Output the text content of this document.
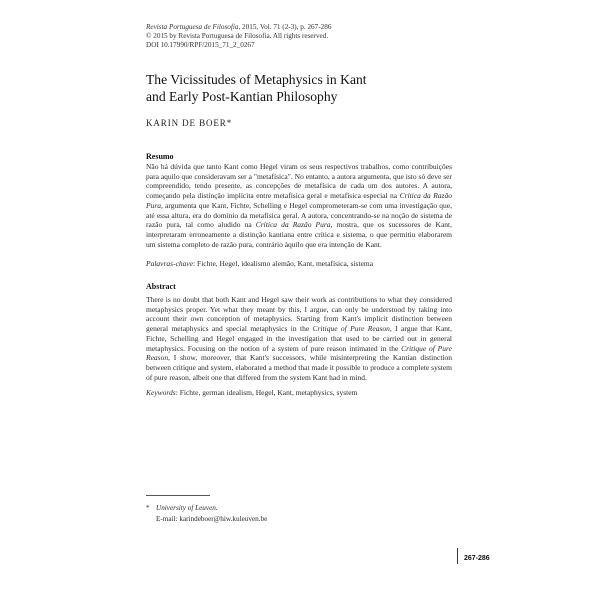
Revista Portuguesa de Filosofia, 2015, Vol. 71 (2-3), p. 267-286
© 2015 by Revista Portuguesa de Filosofia. All rights reserved.
DOI 10.17990/RPF/2015_71_2_0267
The Vicissitudes of Metaphysics in Kant
and Early Post-Kantian Philosophy
KARIN DE BOER*
Resumo
Não há dúvida que tanto Kant como Hegel viram os seus respectivos trabalhos, como contribuições para aquilo que consideravam ser a "metafísica". No entanto, a autora argumenta, que isto só deve ser compreendido, tendo presente, as concepções de metafísica de cada um dos autores. A autora, começando pela distinção implícita entre metafísica geral e metafísica especial na Crítica da Razão Pura, argumenta que Kant, Fichte, Schelling e Hegel comprometeram-se com uma investigação que, até essa altura, era do domínio da metafísica geral. A autora, concentrando-se na noção de sistema de razão pura, tal como aludido na Crítica da Razão Pura, mostra, que os sucessores de Kant, interpretaram erroneamente a distinção kantiana entre crítica e sistema, o que permitiu elaborarem um sistema completo de razão pura, contrário àquilo que era intenção de Kant.
Palavras-chave: Fichte, Hegel, idealismo alemão, Kant, metafísica, sistema
Abstract
There is no doubt that both Kant and Hegel saw their work as contributions to what they considered metaphysics proper. Yet what they meant by this, I argue, can only be understood by taking into account their own conception of metaphysics. Starting from Kant's implicit distinction between general metaphysics and special metaphysics in the Critique of Pure Reason, I argue that Kant, Fichte, Schelling and Hegel engaged in the investigation that used to be carried out in general metaphysics. Focusing on the notion of a system of pure reason intimated in the Critique of Pure Reason, I show, moreover, that Kant's successors, while misinterpreting the Kantian distinction between critique and system, elaborated a method that made it possible to produce a complete system of pure reason, albeit one that differed from the system Kant had in mind.
Keywords: Fichte, german idealism, Hegel, Kant, metaphysics, system
* University of Leuven.
E-mail: karindeboer@hiw.kuleuven.be
267-286
